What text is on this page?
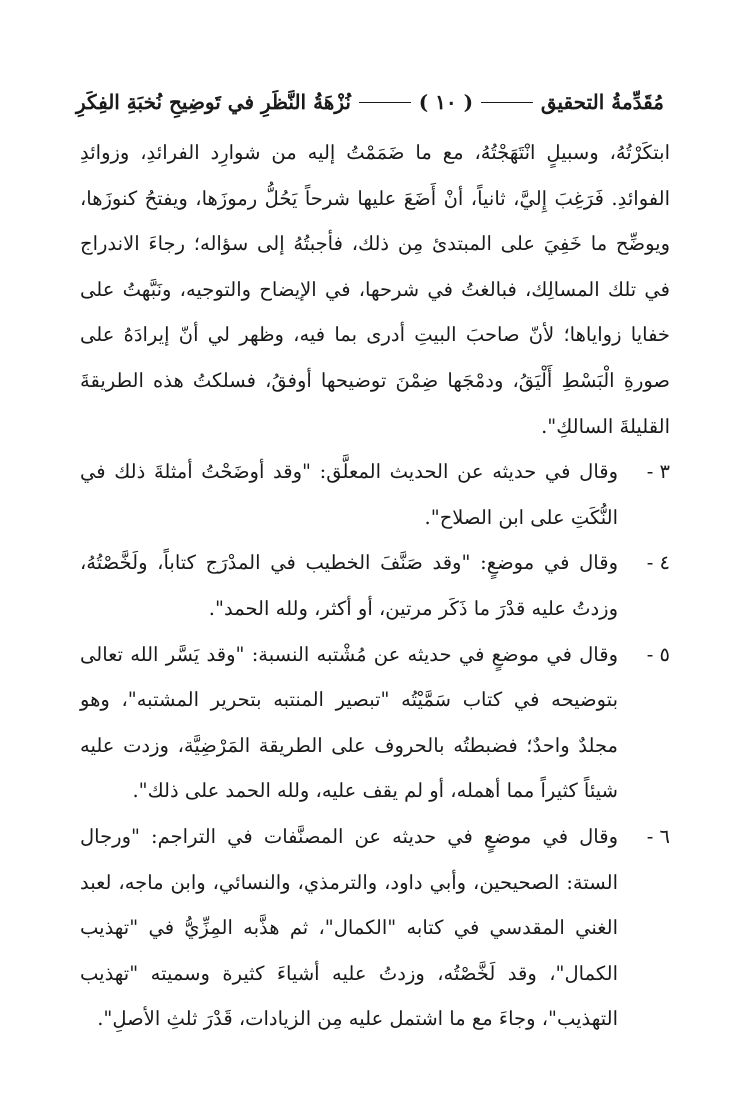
مُقَدِّمةُ التحقيق
( ١٠ )
نُزْهَةُ النَّظَرِ في تَوضِيحِ نُخبَةِ الفِكَرِ

ابتكَرْتُهُ، وسبيلٍ انْتَهَجْتُهُ، مع ما ضَمَمْتُ إليه من شوارِد الفرائدِ، وزوائدِ الفوائدِ. فَرَغِبَ إِليَّ، ثانياً، أنْ أَضَعَ عليها شرحاً يَحُلُّ رموزَها، ويفتحُ كنوزَها، ويوضِّح ما خَفِيَ على المبتدئ مِن ذلك، فأجبتُهُ إلى سؤاله؛ رجاءَ الاندراج في تلك المسالِك، فبالغتُ في شرحها، في الإيضاح والتوجيه، ونَبَّهتُ على خفايا زواياها؛ لأنّ صاحبَ البيتِ أدرى بما فيه، وظهر لي أنّ إيرادَهُ على صورةِ الْبَسْطِ أَلْيَقُ، ودمْجَها ضِمْنَ توضيحها أوفقُ، فسلكتُ هذه الطريقةَ القليلةَ السالكِ".

٣ -
وقال في حديثه عن الحديث المعلَّق: "وقد أوضَحْتُ أمثلةَ ذلك في النُّكَتِ على ابن الصلاح".
٤ -
وقال في موضعٍ: "وقد صَنَّفَ الخطيب في المدْرَج كتاباً، ولَخَّصْتُهُ، وزدتُ عليه قدْرَ ما ذَكَر مرتين، أو أكثر، ولله الحمد".
٥ -
وقال في موضعٍ في حديثه عن مُشْتبه النسبة: "وقد يَسَّر الله تعالى بتوضيحه في كتاب سَمَّيْتُه "تبصير المنتبه بتحرير المشتبه"، وهو مجلدٌ واحدٌ؛ فضبطتُه بالحروف على الطريقة المَرْضِيَّة، وزدت عليه شيئاً كثيراً مما أهمله، أو لم يقف عليه، ولله الحمد على ذلك".
٦ -
وقال في موضعٍ في حديثه عن المصنَّفات في التراجم: "ورجال الستة: الصحيحين، وأبي داود، والترمذي، والنسائي، وابن ماجه، لعبد الغني المقدسي في كتابه "الكمال"، ثم هذَّبه المِزِّيُّ في "تهذيب الكمال"، وقد لَخَّصْتُه، وزدتُ عليه أشياءَ كثيرة وسميته "تهذيب التهذيب"، وجاءَ مع ما اشتمل عليه مِن الزيادات، قَدْرَ ثلثِ الأصلِ".
